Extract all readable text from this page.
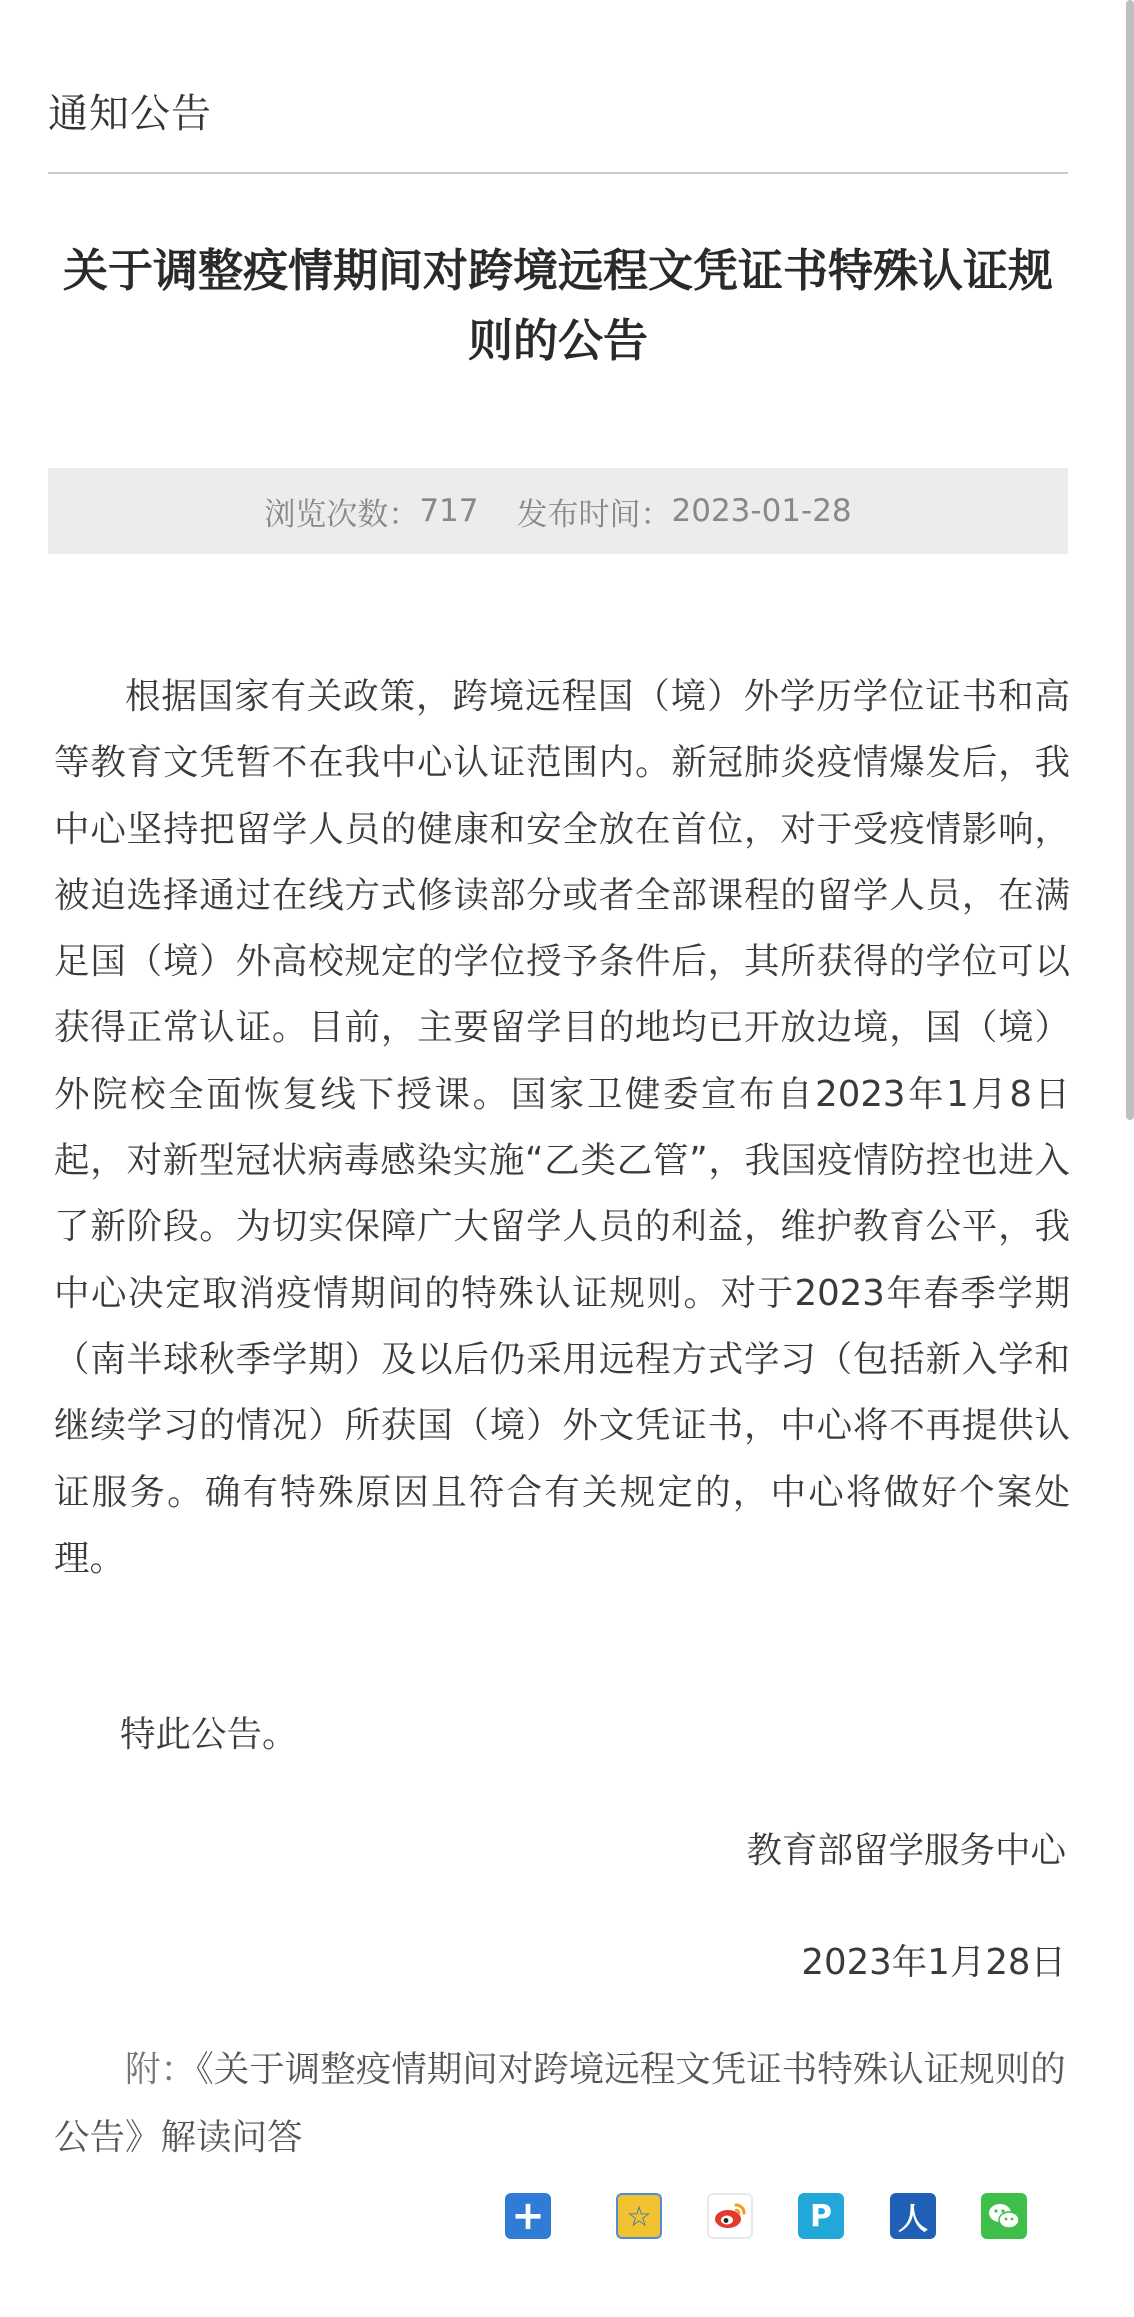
通知公告
关于调整疫情期间对跨境远程文凭证书特殊认证规
则的公告
浏览次数： 717 发布时间： 2023-01-28

根据国家有关政策，跨境远程国（境）外学历学位证书和高等教育文凭暂不在我中心认证范围内。新冠肺炎疫情爆发后，我中心坚持把留学人员的健康和安全放在首位，对于受疫情影响，被迫选择通过在线方式修读部分或者全部课程的留学人员，在满足国（境）外高校规定的学位授予条件后，其所获得的学位可以获得正常认证。目前，主要留学目的地均已开放边境，国（境）外院校全面恢复线下授课。国家卫健委宣布自2023年1月8日起，对新型冠状病毒感染实施“乙类乙管”，我国疫情防控也进入了新阶段。为切实保障广大留学人员的利益，维护教育公平，我中心决定取消疫情期间的特殊认证规则。对于2023年春季学期（南半球秋季学期）及以后仍采用远程方式学习（包括新入学和继续学习的情况）所获国（境）外文凭证书，中心将不再提供认证服务。确有特殊原因且符合有关规定的，中心将做好个案处理。

特此公告。
教育部留学服务中心
2023年1月28日
附：《关于调整疫情期间对跨境远程文凭证书特殊认证规则的公告》解读问答
+	☆	P 人
